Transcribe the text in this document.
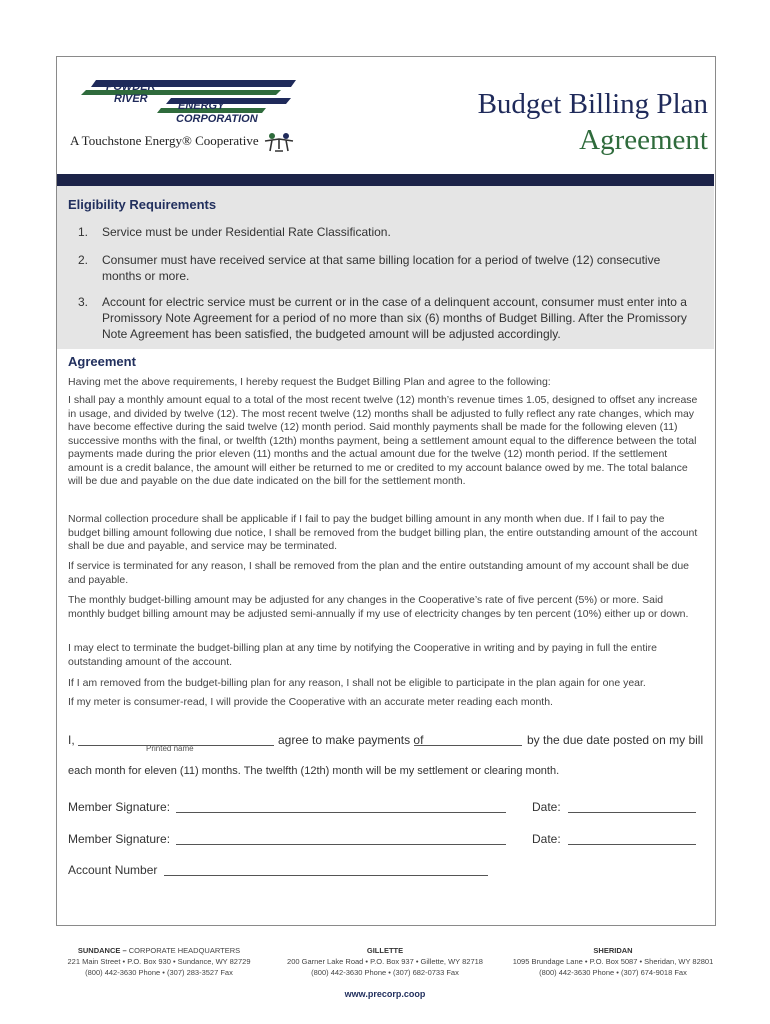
POWDER
RIVER
ENERGY
CORPORATION
A Touchstone Energy® Cooperative
Budget Billing Plan
Agreement
Eligibility Requirements
1. Service must be under Residential Rate Classification.
2. Consumer must have received service at that same billing location for a period of twelve (12) consecutive months or more.
3. Account for electric service must be current or in the case of a delinquent account, consumer must enter into a Promissory Note Agreement for a period of no more than six (6) months of Budget Billing. After the Promissory Note Agreement has been satisfied, the budgeted amount will be adjusted accordingly.
Agreement
Having met the above requirements, I hereby request the Budget Billing Plan and agree to the following:
I shall pay a monthly amount equal to a total of the most recent twelve (12) month’s revenue times 1.05, designed to offset any increase in usage, and divided by twelve (12). The most recent twelve (12) months shall be adjusted to fully reflect any rate changes, which may have become effective during the said twelve (12) month period. Said monthly payments shall be made for the following eleven (11) successive months with the final, or twelfth (12th) months payment, being a settlement amount equal to the difference between the total payments made during the prior eleven (11) months and the actual amount due for the twelve (12) month period. If the settlement amount is a credit balance, the amount will either be returned to me or credited to my account balance owed by me. The total balance will be due and payable on the due date indicated on the bill for the settlement month.
Normal collection procedure shall be applicable if I fail to pay the budget billing amount in any month when due. If I fail to pay the budget billing amount following due notice, I shall be removed from the budget billing plan, the entire outstanding amount of the account shall be due and payable, and service may be terminated.
If service is terminated for any reason, I shall be removed from the plan and the entire outstanding amount of my account shall be due and payable.
The monthly budget-billing amount may be adjusted for any changes in the Cooperative’s rate of five percent (5%) or more. Said monthly budget billing amount may be adjusted semi-annually if my use of electricity changes by ten percent (10%) either up or down.
I may elect to terminate the budget-billing plan at any time by notifying the Cooperative in writing and by paying in full the entire outstanding amount of the account.
If I am removed from the budget-billing plan for any reason, I shall not be eligible to participate in the plan again for one year.
If my meter is consumer-read, I will provide the Cooperative with an accurate meter reading each month.
I,
Printed name
agree to make payments of	by the due date posted on my bill
each month for eleven (11) months. The twelfth (12th) month will be my settlement or clearing month.
Member Signature:	Date:
Member Signature:	Date:
Account Number
SUNDANCE – CORPORATE HEADQUARTERS
221 Main Street • P.O. Box 930 • Sundance, WY 82729
(800) 442-3630 Phone • (307) 283-3527 Fax
GILLETTE
200 Garner Lake Road • P.O. Box 937 • Gillette, WY 82718
(800) 442-3630 Phone • (307) 682-0733 Fax
SHERIDAN
1095 Brundage Lane • P.O. Box 5087 • Sheridan, WY 82801
(800) 442-3630 Phone • (307) 674-9018 Fax
www.precorp.coop
